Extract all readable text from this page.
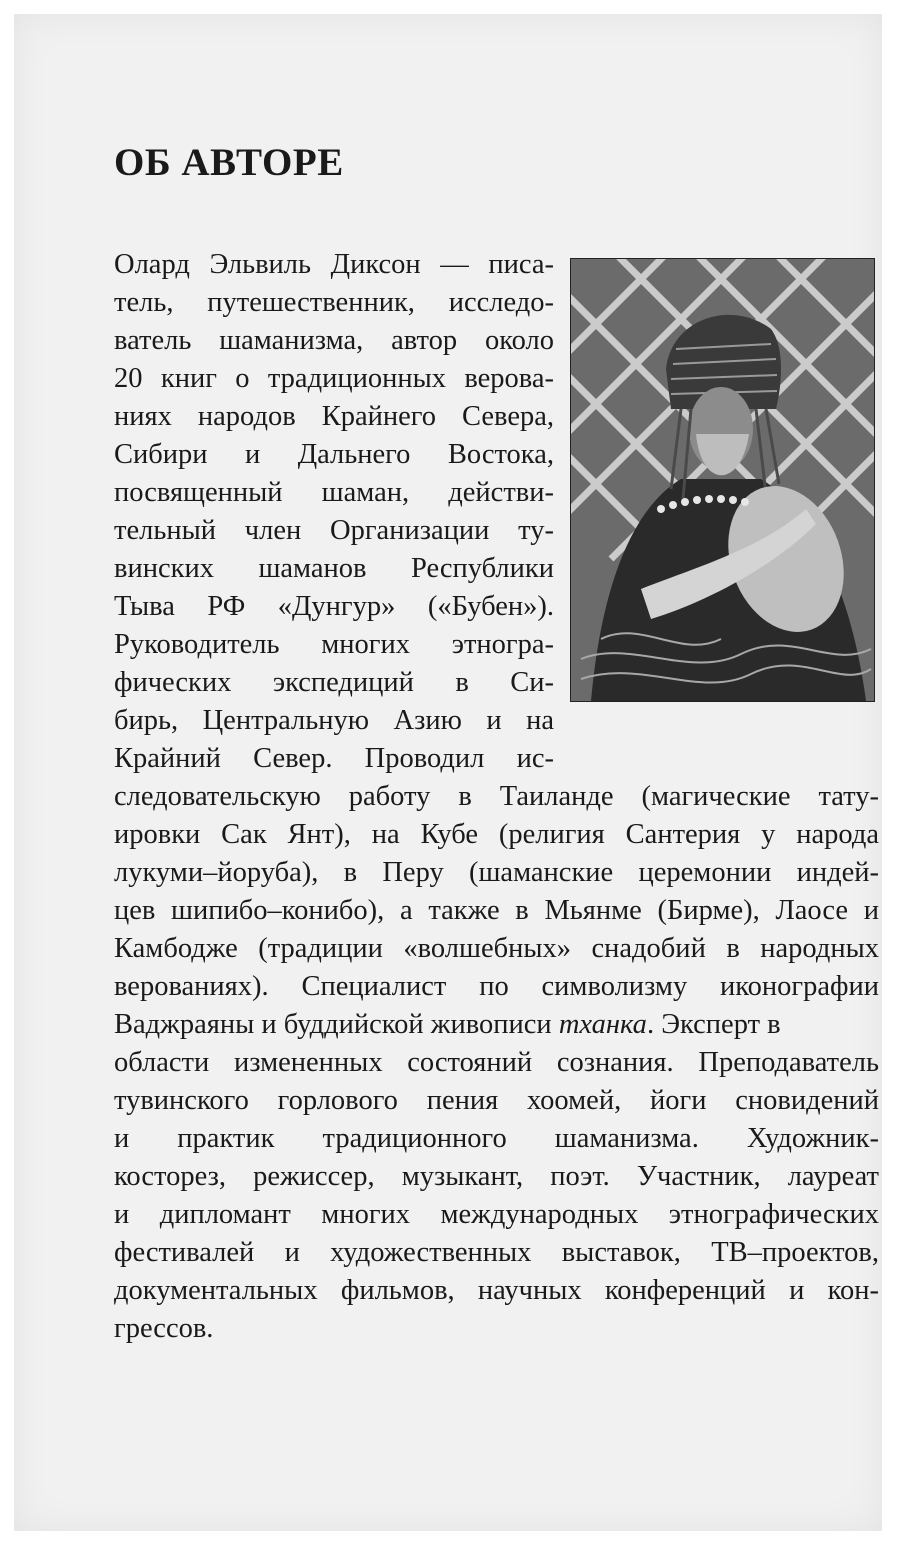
ОБ АВТОРЕ
Олард Эльвиль Диксон — писа-
тель, путешественник, исследо-
ватель шаманизма, автор около
20 книг о традиционных верова-
ниях народов Крайнего Севера,
Сибири и Дальнего Востока,
посвященный шаман, действи-
тельный член Организации ту-
винских шаманов Республики
Тыва РФ «Дунгур» («Бубен»).
Руководитель многих этногра-
фических экспедиций в Си-
бирь, Центральную Азию и на
Крайний Север. Проводил ис-
следовательскую работу в Таиланде (магические тату-
ировки Сак Янт), на Кубе (религия Сантерия у народа
лукуми–йоруба), в Перу (шаманские церемонии индей-
цев шипибо–конибо), а также в Мьянме (Бирме), Лаосе и
Камбодже (традиции «волшебных» снадобий в народных
верованиях). Специалист по символизму иконографии
Ваджраяны и буддийской живописи тханка. Эксперт в
области измененных состояний сознания. Преподаватель
тувинского горлового пения хоомей, йоги сновидений
и практик традиционного шаманизма. Художник-
косторез, режиссер, музыкант, поэт. Участник, лауреат
и дипломант многих международных этнографических
фестивалей и художественных выставок, ТВ–проектов,
документальных фильмов, научных конференций и кон-
грессов.
